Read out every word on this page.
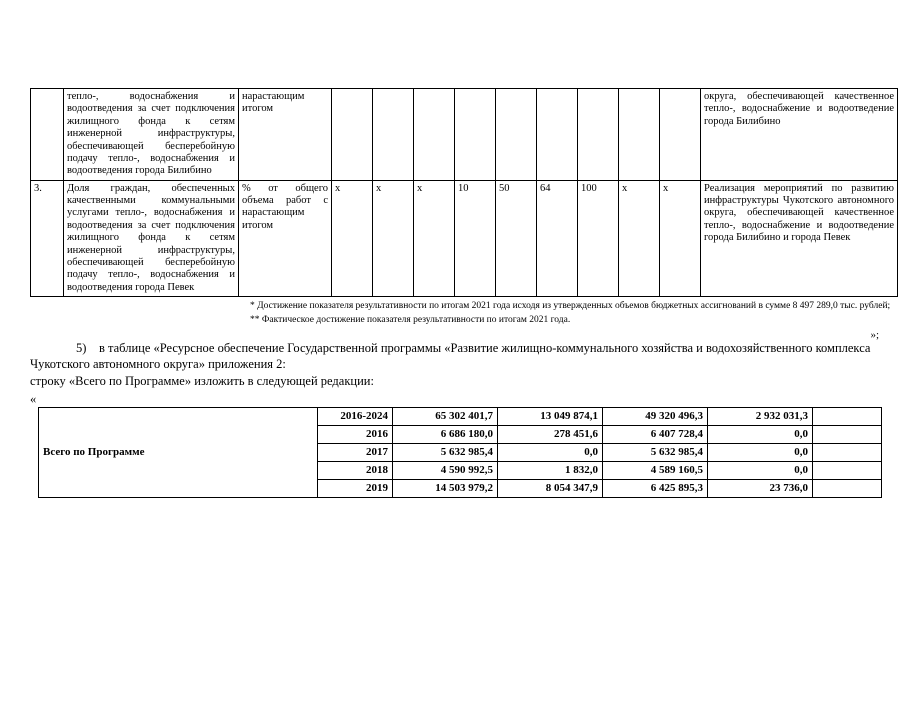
	тепло-, водоснабжения и водоотведения за счет подключения жилищного фонда к сетям инженерной инфраструктуры, обеспечивающей бесперебойную подачу тепло-, водоснабжения и водоотведения города Билибино	нарастающим итогом										округа, обеспечивающей качественное тепло-, водоснабжение и водоотведение города Билибино
3.	Доля граждан, обеспеченных качественными коммунальными услугами тепло-, водоснабжения и водоотведения за счет подключения жилищного фонда к сетям инженерной инфраструктуры, обеспечивающей бесперебойную подачу тепло-, водоснабжения и водоотведения города Певек	% от общего объема работ с нарастающим итогом	х	х	х	10	50	64	100	х	х	Реализация мероприятий по развитию инфраструктуры Чукотского автономного округа, обеспечивающей качественное тепло-, водоснабжение и водоотведение города Билибино и города Певек
* Достижение показателя результативности по итогам 2021 года исходя из утвержденных объемов бюджетных ассигнований в сумме 8 497 289,0 тыс. рублей;
** Фактическое достижение показателя результативности по итогам 2021 года.
»;
5) в таблице «Ресурсное обеспечение Государственной программы «Развитие жилищно-коммунального хозяйства и водохозяйственного комплекса Чукотского автономного округа» приложения 2:
строку «Всего по Программе» изложить в следующей редакции:
«
Всего по Программе	2016-2024	65 302 401,7	13 049 874,1	49 320 496,3	2 932 031,3	
	2016	6 686 180,0	278 451,6	6 407 728,4	0,0	
	2017	5 632 985,4	0,0	5 632 985,4	0,0	
	2018	4 590 992,5	1 832,0	4 589 160,5	0,0	
	2019	14 503 979,2	8 054 347,9	6 425 895,3	23 736,0	
